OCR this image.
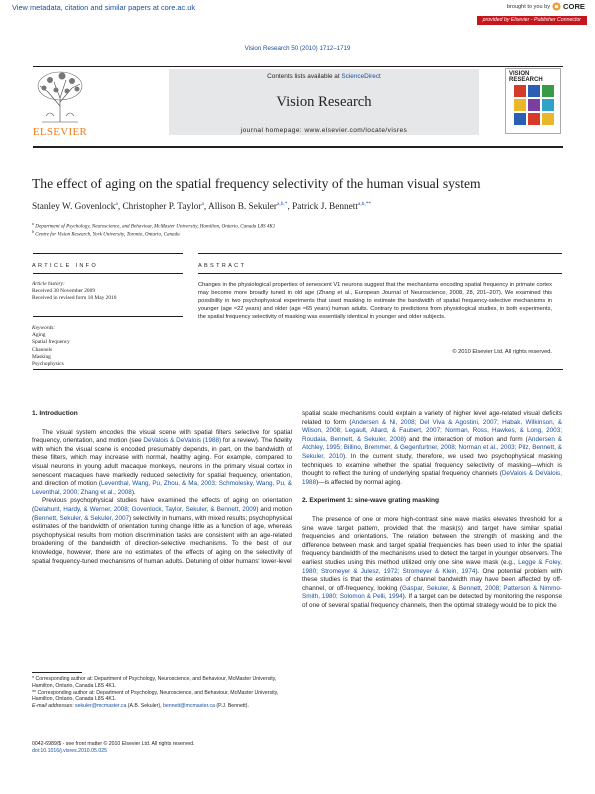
View metadata, citation and similar papers at core.ac.uk	brought to you by CORE
provided by Elsevier - Publisher Connector
Vision Research 50 (2010) 1712–1719
ELSEVIER
Contents lists available at ScienceDirect
Vision Research
journal homepage: www.elsevier.com/locate/visres
VISION
RESEARCH
The effect of aging on the spatial frequency selectivity of the human visual system
Stanley W. Govenlock$^a$, Christopher P. Taylor$^a$, Allison B. Sekuler$^{a,b,*}$, Patrick J. Bennett$^{a,b,**}$
$^a$ Department of Psychology, Neuroscience, and Behaviour, McMaster University, Hamilton, Ontario, Canada L8S 4K1
$^b$ Centre for Vision Research, York University, Toronto, Ontario, Canada
ARTICLE INFO	ABSTRACT
Article history:
Received 30 November 2009
Received in revised form 18 May 2010
Keywords:
Aging
Spatial frequency
Channels
Masking
Psychophysics

Changes in the physiological properties of senescent V1 neurons suggest that the mechanisms encoding spatial frequency in primate cortex may become more broadly tuned in old age (Zhang et al., European Journal of Neuroscience, 2008, 28, 201–207). We examined this possibility in two psychophysical experiments that used masking to estimate the bandwidth of spatial frequency-selective mechanisms in younger (age ≈22 years) and older (age ≈65 years) human adults. Contrary to predictions from physiological studies, in both experiments, the spatial frequency selectivity of masking was essentially identical in younger and older subjects.

© 2010 Elsevier Ltd. All rights reserved.
1. Introduction

The visual system encodes the visual scene with spatial filters selective for spatial frequency, orientation, and motion (see DeValois & DeValois (1988) for a review). The fidelity with which the visual scene is encoded presumably depends, in part, on the bandwidth of these filters, which may increase with normal, healthy aging. For example, compared to visual neurons in young adult macaque monkeys, neurons in the primary visual cortex in senescent macaques have markedly reduced selectivity for spatial frequency, orientation, and direction of motion (Leventhal, Wang, Pu, Zhou, & Ma, 2003; Schmolesky, Wang, Pu, & Leventhal, 2000; Zhang et al., 2008).

Previous psychophysical studies have examined the effects of aging on orientation (Delahunt, Hardy, & Werner, 2008; Govenlock, Taylor, Sekuler, & Bennett, 2009) and motion (Bennett, Sekuler, & Sekuler, 2007) selectivity in humans, with mixed results; psychophysical estimates of the bandwidth of orientation tuning change little as a function of age, whereas psychophysical results from motion discrimination tasks are consistent with an age-related broadening of the bandwidth of direction-selective mechanisms. To the best of our knowledge, however, there are no estimates of the effects of aging on the selectivity of spatial frequency-tuned mechanisms of human adults. Detuning of older humans' lower-level

spatial scale mechanisms could explain a variety of higher level age-related visual deficits related to form (Andersen & Ni, 2008; Del Viva & Agostini, 2007; Habak, Wilkinson, & Wilson, 2008; Legault, Allard, & Faubert, 2007; Norman, Ross, Hawkes, & Long, 2003; Roudaia, Bennett, & Sekuler, 2008) and the interaction of motion and form (Andersen & Atchley, 1995; Billino, Bremmer, & Gegenfurtner, 2008; Norman et al., 2003; Pilz, Bennett, & Sekuler, 2010). In the current study, therefore, we used two psychophysical masking techniques to examine whether the spatial frequency selectivity of masking—which is thought to reflect the tuning of underlying spatial frequency channels (DeValois & DeValois, 1988)—is affected by normal aging.

2. Experiment 1: sine-wave grating masking

The presence of one or more high-contrast sine wave masks elevates threshold for a sine wave target pattern, provided that the mask(s) and target have similar spatial frequencies and orientations. The relation between the strength of masking and the difference between mask and target spatial frequencies has been used to infer the spatial frequency bandwidth of the mechanisms used to detect the target in younger observers. The earliest studies using this method utilized only one sine wave mask (e.g., Legge & Foley, 1980; Stromeyer & Julesz, 1972; Stromeyer & Klein, 1974). One potential problem with these studies is that the estimates of channel bandwidth may have been affected by off-channel, or off-frequency, looking (Gaspar, Sekuler, & Bennett, 2008; Patterson & Nimmo-Smith, 1980; Solomon & Pelli, 1994). If a target can be detected by monitoring the response of one of several spatial frequency channels, then the optimal strategy would be to pick the

* Corresponding author at: Department of Psychology, Neuroscience, and Behaviour, McMaster University, Hamilton, Ontario, Canada L8S 4K1.
** Corresponding author at: Department of Psychology, Neuroscience, and Behaviour, McMaster University, Hamilton, Ontario, Canada L8S 4K1.
E-mail addresses: sekuler@mcmaster.ca (A.B. Sekuler), bennett@mcmaster.ca (P.J. Bennett).
0042-6989/$ - see front matter © 2010 Elsevier Ltd. All rights reserved.
doi:10.1016/j.visres.2010.05.025
